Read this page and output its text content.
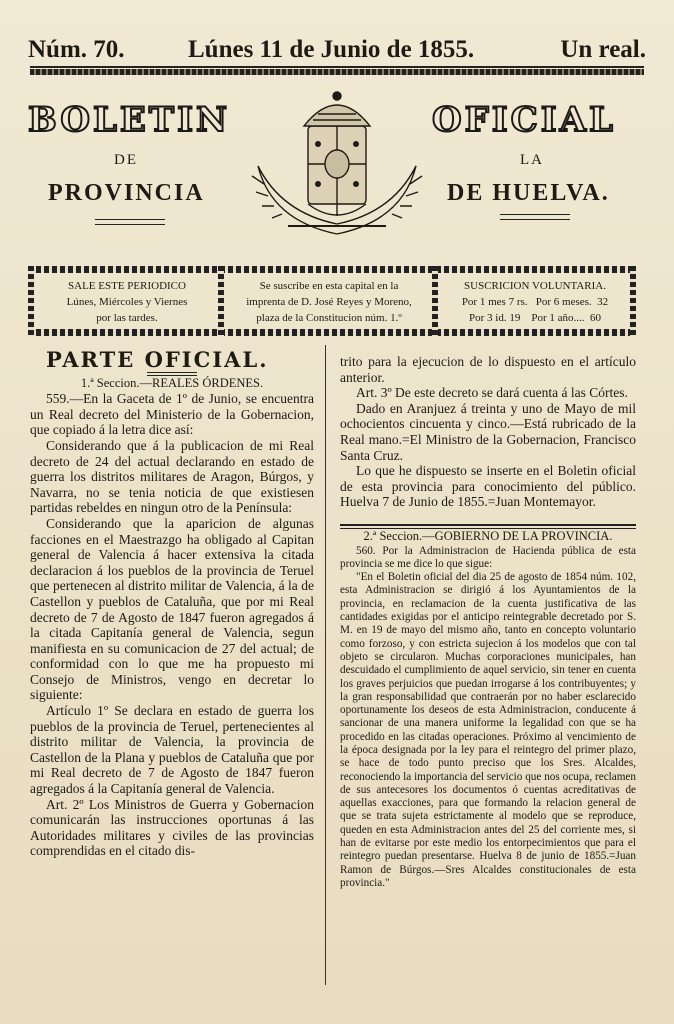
Núm. 70.	Lúnes 11 de Junio de 1855.	Un real.
BOLETIN	OFICIAL
DE	LA
PROVINCIA	DE HUELVA.
SALE ESTE PERIODICO
Lúnes, Miércoles y Viernes
por las tardes.
Se suscribe en esta capital en la
imprenta de D. José Reyes y Moreno,
plaza de la Constitucion núm. 1.º
SUSCRICION VOLUNTARIA.
Por 1 mes 7 rs.   Por 6 meses.  32
Por 3 id. 19    Por 1 año....  60

PARTE OFICIAL.

1.ª Seccion.—REALES ÓRDENES.

559.—En la Gaceta de 1º de Junio, se encuentra un Real decreto del Ministerio de la Gobernacion, que copiado á la letra dice así:

Considerando que á la publicacion de mi Real decreto de 24 del actual declarando en estado de guerra los distritos militares de Aragon, Búrgos, y Navarra, no se tenia noticia de que existiesen partidas rebeldes en ningun otro de la Península:

Considerando que la aparicion de algunas facciones en el Maestrazgo ha obligado al Capitan general de Valencia á hacer extensiva la citada declaracion á los pueblos de la provincia de Teruel que pertenecen al distrito militar de Valencia, á la de Castellon y pueblos de Cataluña, que por mi Real decreto de 7 de Agosto de 1847 fueron agregados á la citada Capitanía general de Valencia, segun manifiesta en su comunicacion de 27 del actual; de conformidad con lo que me ha propuesto mi Consejo de Ministros, vengo en decretar lo siguiente:

Artículo 1º Se declara en estado de guerra los pueblos de la provincia de Teruel, pertenecientes al distrito militar de Valencia, la provincia de Castellon de la Plana y pueblos de Cataluña que por mi Real decreto de 7 de Agosto de 1847 fueron agregados á la Capitanía general de Valencia.

Art. 2º Los Ministros de Guerra y Gobernacion comunicarán las instrucciones oportunas á las Autoridades militares y civiles de las provincias comprendidas en el citado dis-

trito para la ejecucion de lo dispuesto en el artículo anterior.

Art. 3º De este decreto se dará cuenta á las Córtes.

Dado en Aranjuez á treinta y uno de Mayo de mil ochocientos cincuenta y cinco.—Está rubricado de la Real mano.=El Ministro de la Gobernacion, Francisco Santa Cruz.

Lo que he dispuesto se inserte en el Boletin oficial de esta provincia para conocimiento del público. Huelva 7 de Junio de 1855.=Juan Montemayor.

2.ª Seccion.—GOBIERNO DE LA PROVINCIA.

560. Por la Administracion de Hacienda pública de esta provincia se me dice lo que sigue:

"En el Boletin oficial del dia 25 de agosto de 1854 núm. 102, esta Administracion se dirigió á los Ayuntamientos de la provincia, en reclamacion de la cuenta justificativa de las cantidades exigidas por el anticipo reintegrable decretado por S. M. en 19 de mayo del mismo año, tanto en concepto voluntario como forzoso, y con estricta sujecion á los modelos que con tal objeto se circularon. Muchas corporaciones municipales, han descuidado el cumplimiento de aquel servicio, sin tener en cuenta los graves perjuicios que puedan irrogarse á los contribuyentes; y la gran responsabilidad que contraerán por no haber esclarecido oportunamente los deseos de esta Administracion, conducente á sancionar de una manera uniforme la legalidad con que se ha procedido en las citadas operaciones. Próximo al vencimiento de la época designada por la ley para el reintegro del primer plazo, se hace de todo punto preciso que los Sres. Alcaldes, reconociendo la importancia del servicio que nos ocupa, reclamen de sus antecesores los documentos ó cuentas acreditativas de aquellas exacciones, para que formando la relacion general de que se trata sujeta estrictamente al modelo que se reproduce, queden en esta Administracion antes del 25 del corriente mes, si han de evitarse por este medio los entorpecimientos que para el reintegro puedan presentarse. Huelva 8 de junio de 1855.=Juan Ramon de Búrgos.—Sres Alcaldes constitucionales de esta provincia."
